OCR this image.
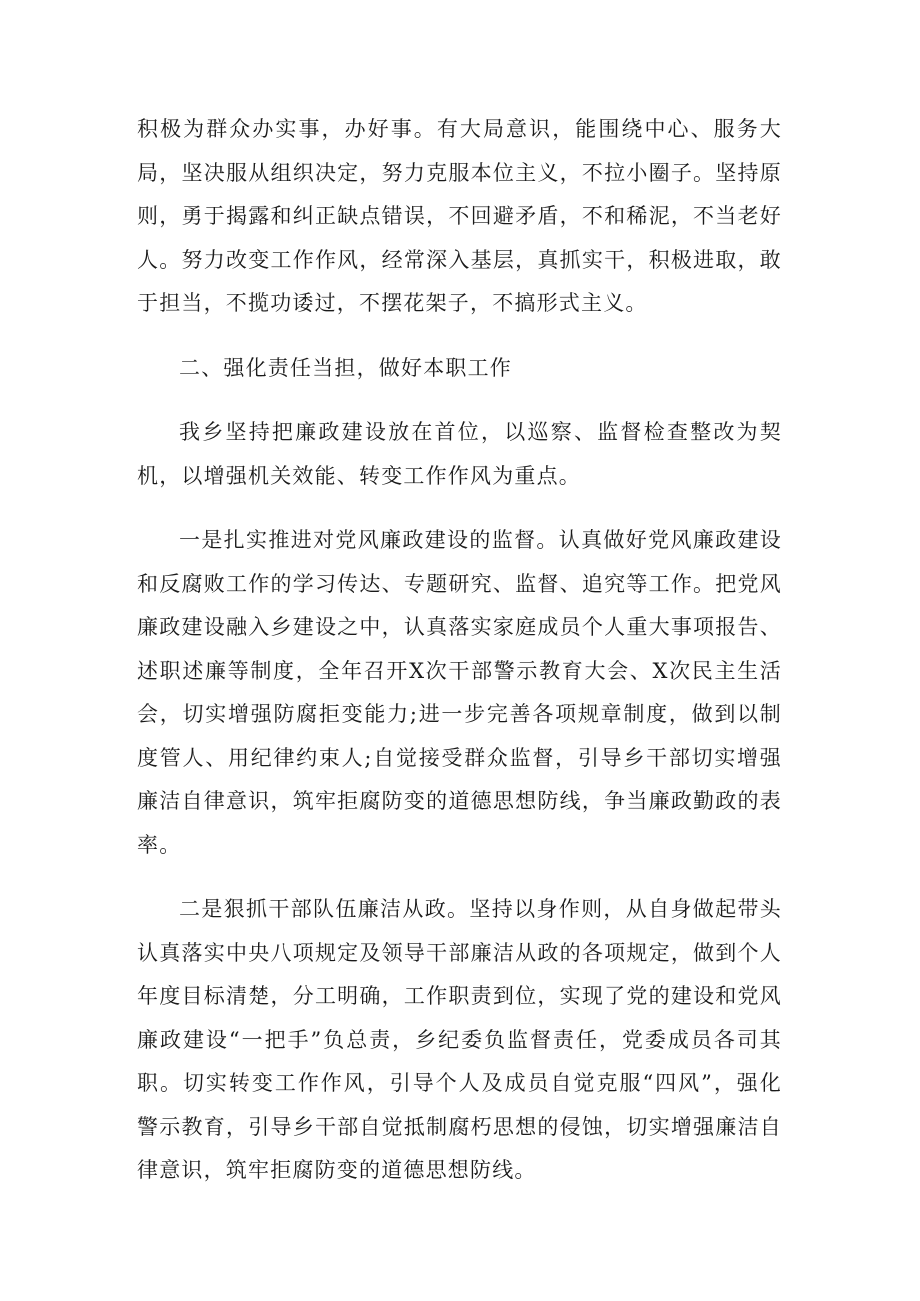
积极为群众办实事，办好事。有大局意识，能围绕中心、服务大局，坚决服从组织决定，努力克服本位主义，不拉小圈子。坚持原则，勇于揭露和纠正缺点错误，不回避矛盾，不和稀泥，不当老好人。努力改变工作作风，经常深入基层，真抓实干，积极进取，敢于担当，不揽功诿过，不摆花架子，不搞形式主义。

二、强化责任当担，做好本职工作

我乡坚持把廉政建设放在首位，以巡察、监督检查整改为契机，以增强机关效能、转变工作作风为重点。

一是扎实推进对党风廉政建设的监督。认真做好党风廉政建设和反腐败工作的学习传达、专题研究、监督、追究等工作。把党风廉政建设融入乡建设之中，认真落实家庭成员个人重大事项报告、述职述廉等制度，全年召开X次干部警示教育大会、X次民主生活会，切实增强防腐拒变能力;进一步完善各项规章制度，做到以制度管人、用纪律约束人;自觉接受群众监督，引导乡干部切实增强廉洁自律意识，筑牢拒腐防变的道德思想防线，争当廉政勤政的表率。

二是狠抓干部队伍廉洁从政。坚持以身作则，从自身做起带头认真落实中央八项规定及领导干部廉洁从政的各项规定，做到个人年度目标清楚，分工明确，工作职责到位，实现了党的建设和党风廉政建设“一把手”负总责，乡纪委负监督责任，党委成员各司其职。切实转变工作作风，引导个人及成员自觉克服“四风”，强化警示教育，引导乡干部自觉抵制腐朽思想的侵蚀，切实增强廉洁自律意识，筑牢拒腐防变的道德思想防线。
